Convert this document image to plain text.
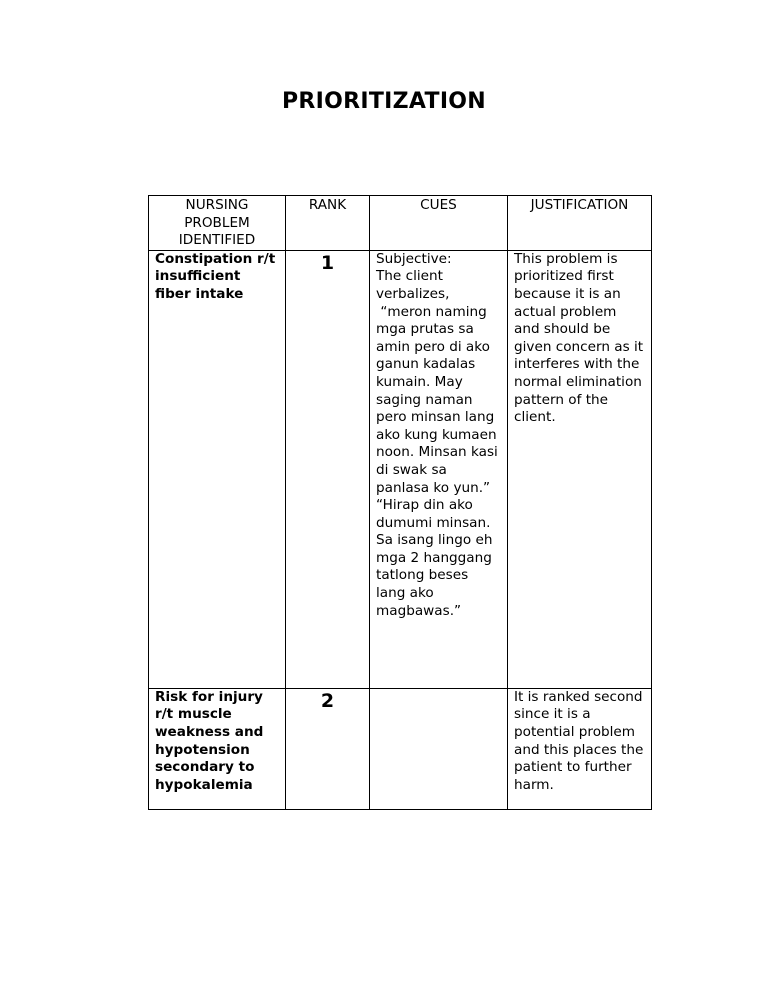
PRIORITIZATION
NURSING PROBLEM IDENTIFIED	RANK	CUES	JUSTIFICATION

Constipation r/t insufficient fiber intake	1	Subjective:
The client verbalizes,
“meron naming mga prutas sa amin pero di ako ganun kadalas kumain. May saging naman pero minsan lang ako kung kumaen noon. Minsan kasi di swak sa panlasa ko yun.”
“Hirap din ako dumumi minsan. Sa isang lingo eh mga 2 hanggang tatlong beses lang ako magbawas.”	This problem is prioritized first because it is an actual problem and should be given concern as it interferes with the normal elimination pattern of the client.

Risk for injury r/t muscle weakness and hypotension secondary to hypokalemia	2		It is ranked second since it is a potential problem and this places the patient to further harm.
